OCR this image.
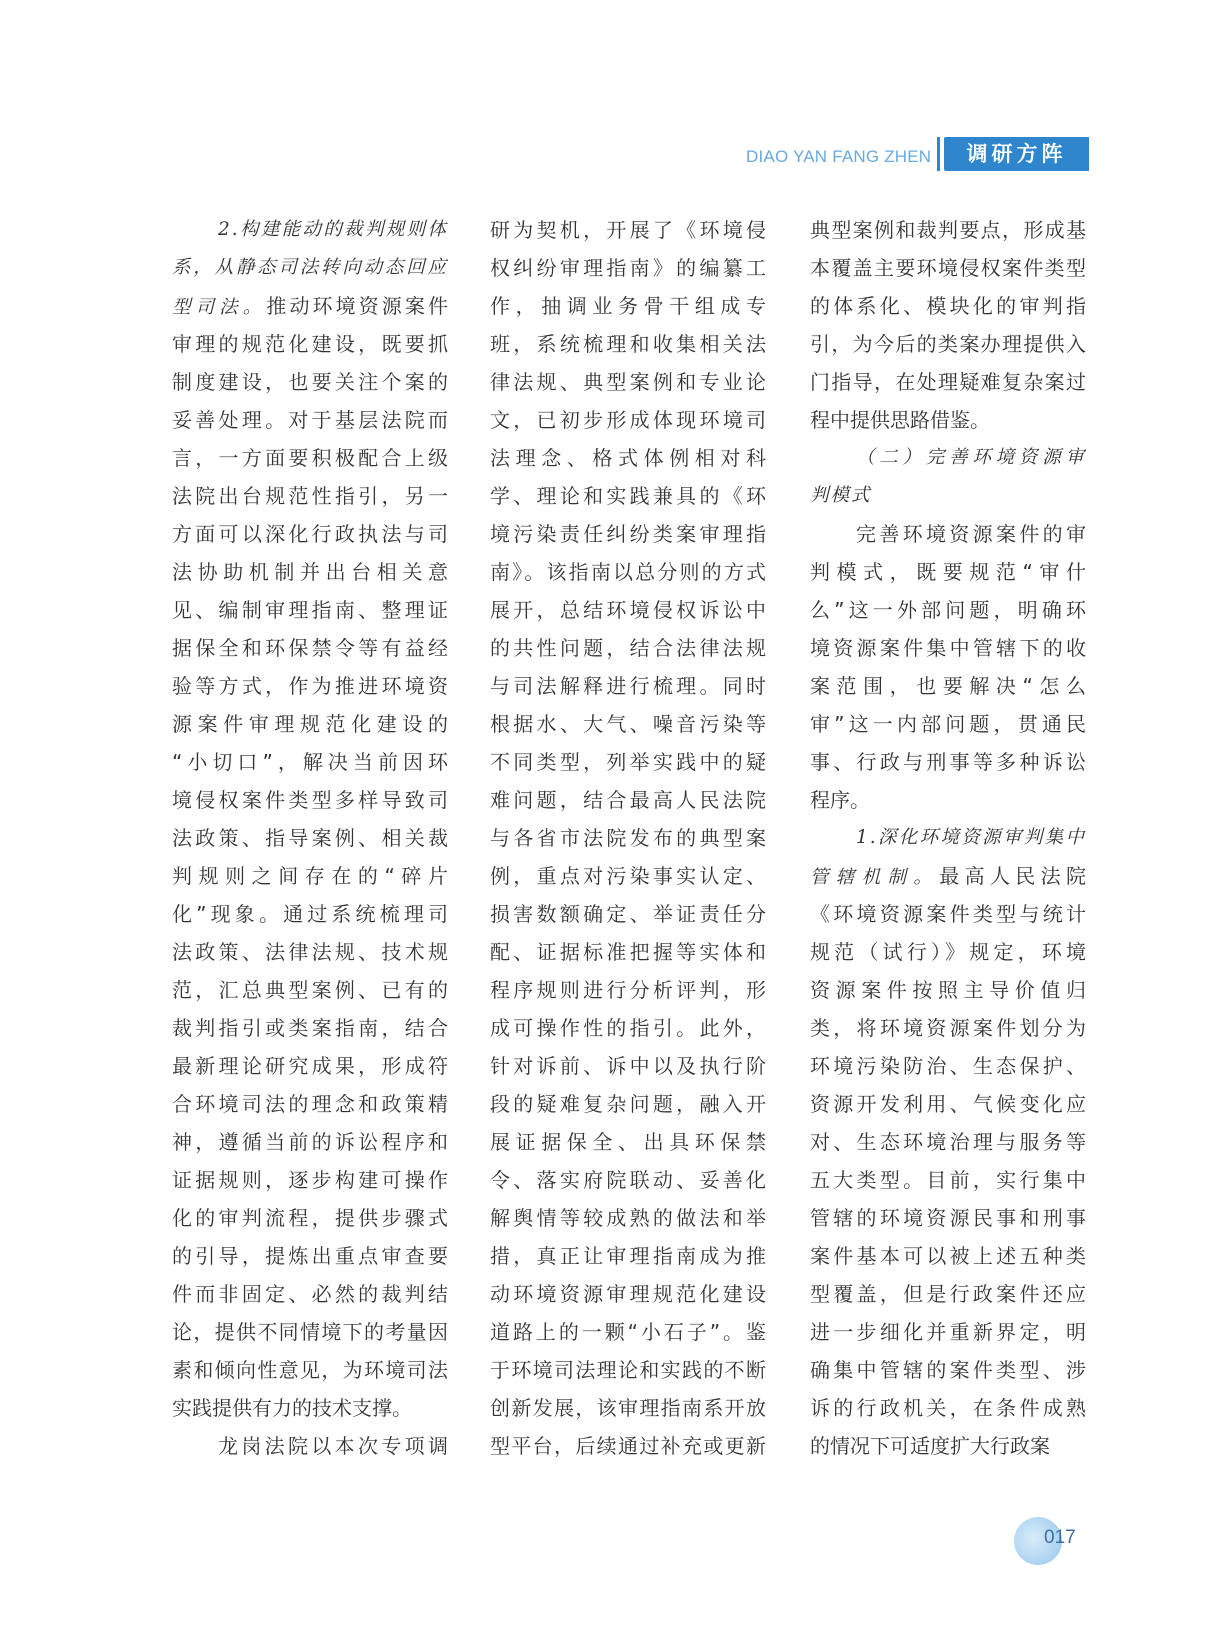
DIAO YAN FANG ZHEN	调研方阵
2.构建能动的裁判规则体
系，从静态司法转向动态回应
型司法。推动环境资源案件
审理的规范化建设，既要抓
制度建设，也要关注个案的
妥善处理。对于基层法院而
言，一方面要积极配合上级
法院出台规范性指引，另一
方面可以深化行政执法与司
法协助机制并出台相关意
见、编制审理指南、整理证
据保全和环保禁令等有益经
验等方式，作为推进环境资
源案件审理规范化建设的
“小切口”，解决当前因环
境侵权案件类型多样导致司
法政策、指导案例、相关裁
判规则之间存在的“碎片
化”现象。通过系统梳理司
法政策、法律法规、技术规
范，汇总典型案例、已有的
裁判指引或类案指南，结合
最新理论研究成果，形成符
合环境司法的理念和政策精
神，遵循当前的诉讼程序和
证据规则，逐步构建可操作
化的审判流程，提供步骤式
的引导，提炼出重点审查要
件而非固定、必然的裁判结
论，提供不同情境下的考量因
素和倾向性意见，为环境司法
实践提供有力的技术支撑。
龙岗法院以本次专项调
研为契机，开展了《环境侵
权纠纷审理指南》的编纂工
作，抽调业务骨干组成专
班，系统梳理和收集相关法
律法规、典型案例和专业论
文，已初步形成体现环境司
法理念、格式体例相对科
学、理论和实践兼具的《环
境污染责任纠纷类案审理指
南》。该指南以总分则的方式
展开，总结环境侵权诉讼中
的共性问题，结合法律法规
与司法解释进行梳理。同时
根据水、大气、噪音污染等
不同类型，列举实践中的疑
难问题，结合最高人民法院
与各省市法院发布的典型案
例，重点对污染事实认定、
损害数额确定、举证责任分
配、证据标准把握等实体和
程序规则进行分析评判，形
成可操作性的指引。此外，
针对诉前、诉中以及执行阶
段的疑难复杂问题，融入开
展证据保全、出具环保禁
令、落实府院联动、妥善化
解舆情等较成熟的做法和举
措，真正让审理指南成为推
动环境资源审理规范化建设
道路上的一颗“小石子”。鉴
于环境司法理论和实践的不断
创新发展，该审理指南系开放
型平台，后续通过补充或更新
典型案例和裁判要点，形成基
本覆盖主要环境侵权案件类型
的体系化、模块化的审判指
引，为今后的类案办理提供入
门指导，在处理疑难复杂案过
程中提供思路借鉴。
（二）完善环境资源审
判模式
完善环境资源案件的审
判模式，既要规范“审什
么”这一外部问题，明确环
境资源案件集中管辖下的收
案范围，也要解决“怎么
审”这一内部问题，贯通民
事、行政与刑事等多种诉讼
程序。
1.深化环境资源审判集中
管辖机制。最高人民法院
《环境资源案件类型与统计
规范（试行）》规定，环境
资源案件按照主导价值归
类，将环境资源案件划分为
环境污染防治、生态保护、
资源开发利用、气候变化应
对、生态环境治理与服务等
五大类型。目前，实行集中
管辖的环境资源民事和刑事
案件基本可以被上述五种类
型覆盖，但是行政案件还应
进一步细化并重新界定，明
确集中管辖的案件类型、涉
诉的行政机关，在条件成熟
的情况下可适度扩大行政案
017
